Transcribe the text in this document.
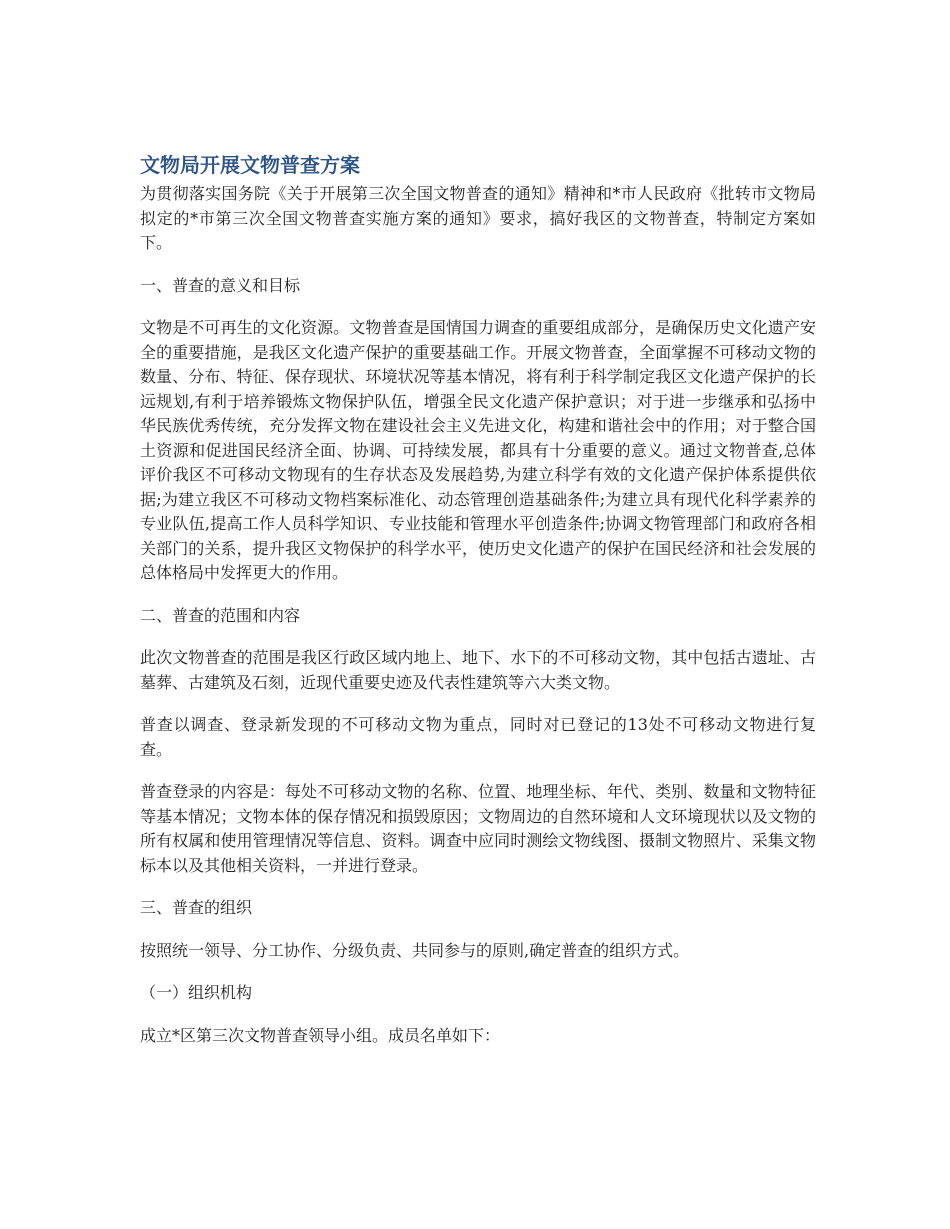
文物局开展文物普查方案

为贯彻落实国务院《关于开展第三次全国文物普查的通知》精神和*市人民政府《批转市文物局拟定的*市第三次全国文物普查实施方案的通知》要求，搞好我区的文物普查，特制定方案如下。

一、普查的意义和目标

文物是不可再生的文化资源。文物普查是国情国力调查的重要组成部分，是确保历史文化遗产安全的重要措施，是我区文化遗产保护的重要基础工作。开展文物普查，全面掌握不可移动文物的数量、分布、特征、保存现状、环境状况等基本情况，将有利于科学制定我区文化遗产保护的长远规划,有利于培养锻炼文物保护队伍，增强全民文化遗产保护意识；对于进一步继承和弘扬中华民族优秀传统，充分发挥文物在建设社会主义先进文化，构建和谐社会中的作用；对于整合国土资源和促进国民经济全面、协调、可持续发展，都具有十分重要的意义。通过文物普查,总体评价我区不可移动文物现有的生存状态及发展趋势,为建立科学有效的文化遗产保护体系提供依据;为建立我区不可移动文物档案标准化、动态管理创造基础条件;为建立具有现代化科学素养的专业队伍,提高工作人员科学知识、专业技能和管理水平创造条件;协调文物管理部门和政府各相关部门的关系，提升我区文物保护的科学水平，使历史文化遗产的保护在国民经济和社会发展的总体格局中发挥更大的作用。

二、普查的范围和内容

此次文物普查的范围是我区行政区域内地上、地下、水下的不可移动文物，其中包括古遗址、古墓葬、古建筑及石刻，近现代重要史迹及代表性建筑等六大类文物。

普查以调查、登录新发现的不可移动文物为重点，同时对已登记的13处不可移动文物进行复查。

普查登录的内容是：每处不可移动文物的名称、位置、地理坐标、年代、类别、数量和文物特征等基本情况；文物本体的保存情况和损毁原因；文物周边的自然环境和人文环境现状以及文物的所有权属和使用管理情况等信息、资料。调查中应同时测绘文物线图、摄制文物照片、采集文物标本以及其他相关资料，一并进行登录。

三、普查的组织

按照统一领导、分工协作、分级负责、共同参与的原则,确定普查的组织方式。

（一）组织机构

成立*区第三次文物普查领导小组。成员名单如下：
